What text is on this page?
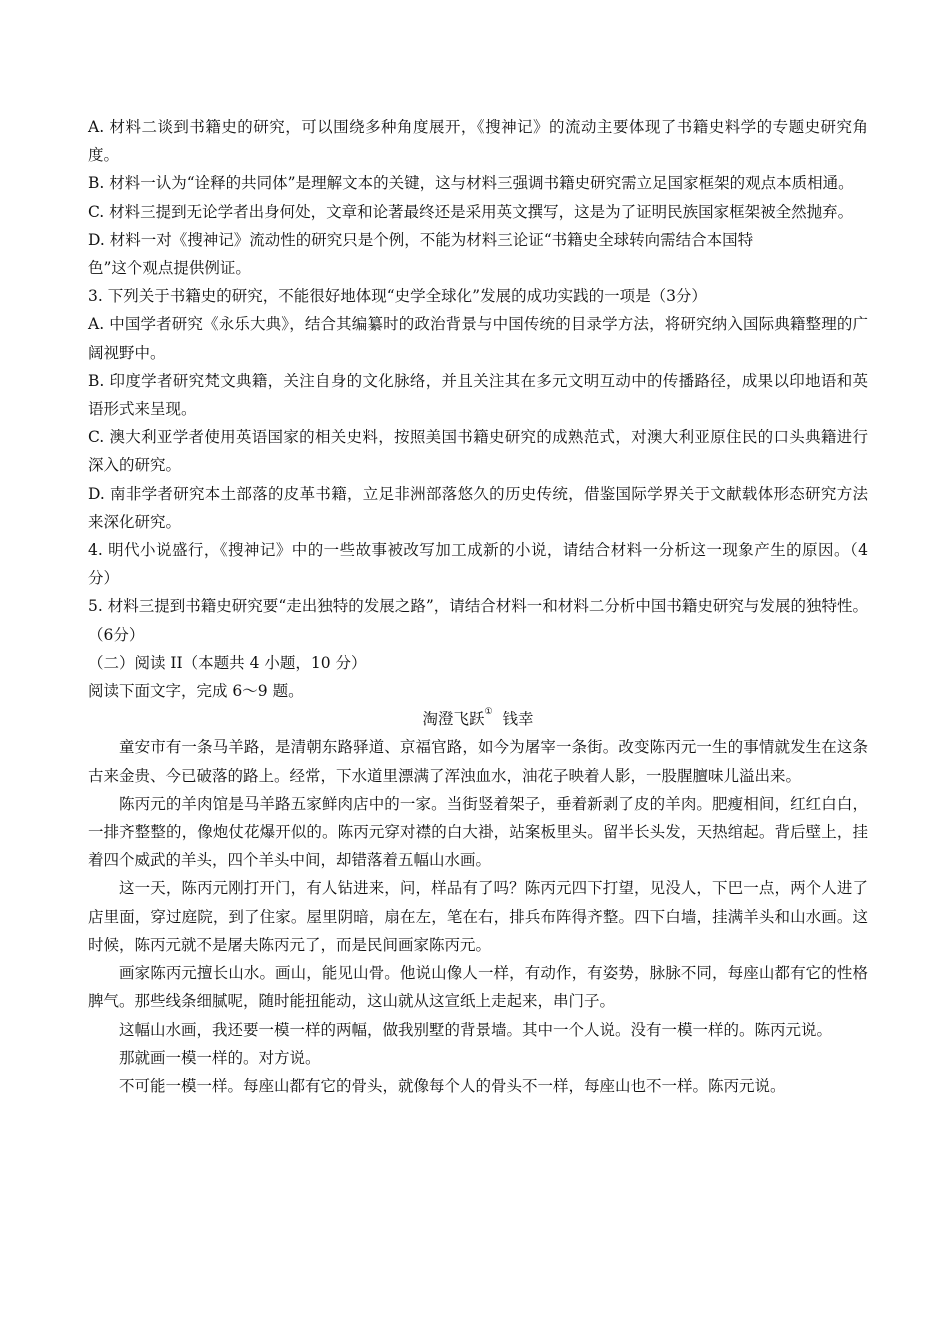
A. 材料二谈到书籍史的研究，可以围绕多种角度展开，《搜神记》的流动主要体现了书籍史料学的专题史研究角度。

B. 材料一认为“诠释的共同体”是理解文本的关键，这与材料三强调书籍史研究需立足国家框架的观点本质相通。

C. 材料三提到无论学者出身何处，文章和论著最终还是采用英文撰写，这是为了证明民族国家框架被全然抛弃。

D. 材料一对《搜神记》流动性的研究只是个例，不能为材料三论证“书籍史全球转向需结合本国特
色”这个观点提供例证。

3. 下列关于书籍史的研究，不能很好地体现“史学全球化”发展的成功实践的一项是（3分）

A. 中国学者研究《永乐大典》，结合其编纂时的政治背景与中国传统的目录学方法，将研究纳入国际典籍整理的广阔视野中。

B. 印度学者研究梵文典籍，关注自身的文化脉络，并且关注其在多元文明互动中的传播路径，成果以印地语和英语形式来呈现。

C. 澳大利亚学者使用英语国家的相关史料，按照美国书籍史研究的成熟范式，对澳大利亚原住民的口头典籍进行深入的研究。

D. 南非学者研究本土部落的皮革书籍，立足非洲部落悠久的历史传统，借鉴国际学界关于文献载体形态研究方法来深化研究。

4. 明代小说盛行，《搜神记》中的一些故事被改写加工成新的小说，请结合材料一分析这一现象产生的原因。（4分）

5. 材料三提到书籍史研究要“走出独特的发展之路”，请结合材料一和材料二分析中国书籍史研究与发展的独特性。（6分）

（二）阅读 II（本题共 4 小题，10 分）

阅读下面文字，完成 6～9 题。

淘澄飞跃① 钱幸

童安市有一条马羊路，是清朝东路驿道、京福官路，如今为屠宰一条街。改变陈丙元一生的事情就发生在这条古来金贵、今已破落的路上。经常，下水道里漂满了浑浊血水，油花子映着人影，一股腥膻味儿溢出来。

陈丙元的羊肉馆是马羊路五家鲜肉店中的一家。当街竖着架子，垂着新剥了皮的羊肉。肥瘦相间，红红白白，一排齐整整的，像炮仗花爆开似的。陈丙元穿对襟的白大褂，站案板里头。留半长头发，天热绾起。背后壁上，挂着四个威武的羊头，四个羊头中间，却错落着五幅山水画。

这一天，陈丙元刚打开门，有人钻进来，问，样品有了吗？陈丙元四下打望，见没人，下巴一点，两个人进了店里面，穿过庭院，到了住家。屋里阴暗，扇在左，笔在右，排兵布阵得齐整。四下白墙，挂满羊头和山水画。这时候，陈丙元就不是屠夫陈丙元了，而是民间画家陈丙元。

画家陈丙元擅长山水。画山，能见山骨。他说山像人一样，有动作，有姿势，脉脉不同，每座山都有它的性格脾气。那些线条细腻呢，随时能扭能动，这山就从这宣纸上走起来，串门子。

这幅山水画，我还要一模一样的两幅，做我别墅的背景墙。其中一个人说。没有一模一样的。陈丙元说。

那就画一模一样的。对方说。

不可能一模一样。每座山都有它的骨头，就像每个人的骨头不一样，每座山也不一样。陈丙元说。
